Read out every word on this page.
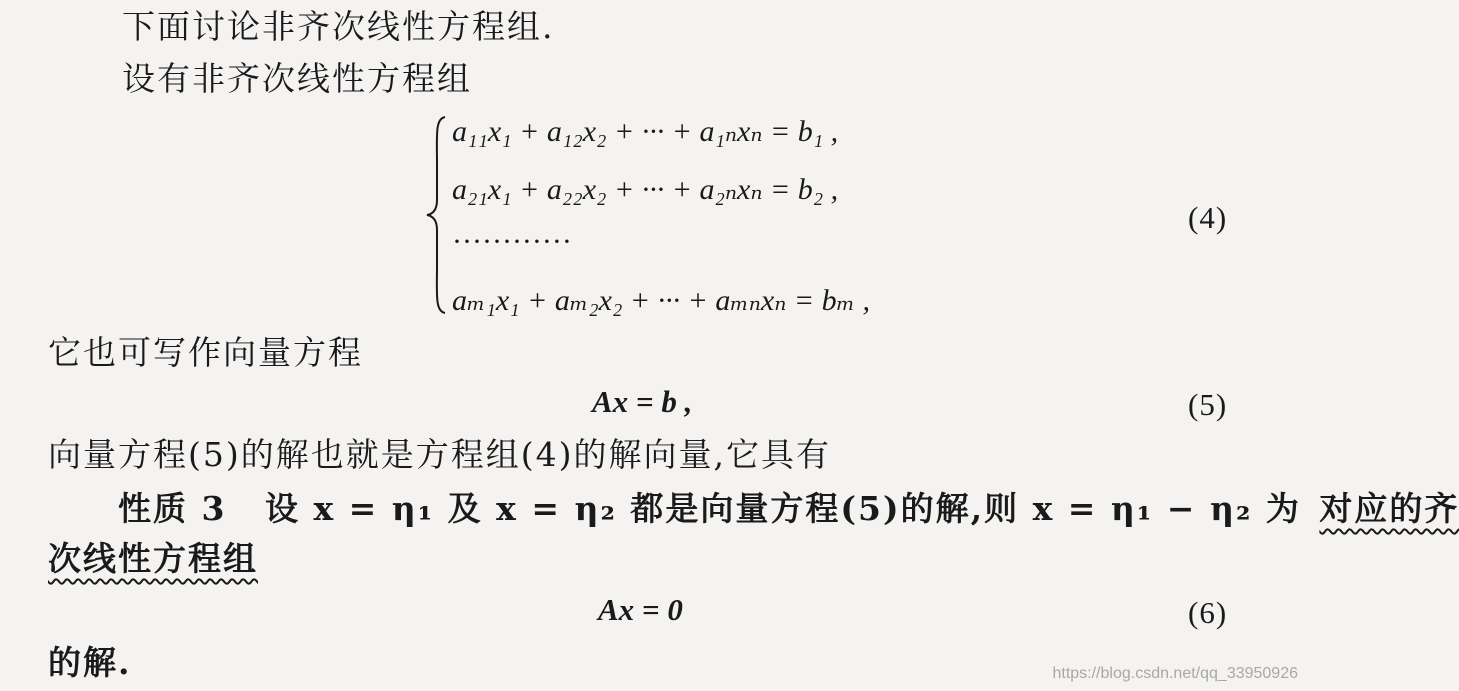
下面讨论非齐次线性方程组.
设有非齐次线性方程组
a₁₁x₁ + a₁₂x₂ + ··· + a₁ₙxₙ = b₁ ,
a₂₁x₁ + a₂₂x₂ + ··· + a₂ₙxₙ = b₂ ,
············
aₘ₁x₁ + aₘ₂x₂ + ··· + aₘₙxₙ = bₘ ,
(4)
它也可写作向量方程
Ax = b ,	(5)
向量方程(5)的解也就是方程组(4)的解向量,它具有
性质 3 设 x = η₁ 及 x = η₂ 都是向量方程(5)的解,则 x = η₁ − η₂ 为 对应的齐
次线性方程组
Ax = 0	(6)
的解.	https://blog.csdn.net/qq_33950926
